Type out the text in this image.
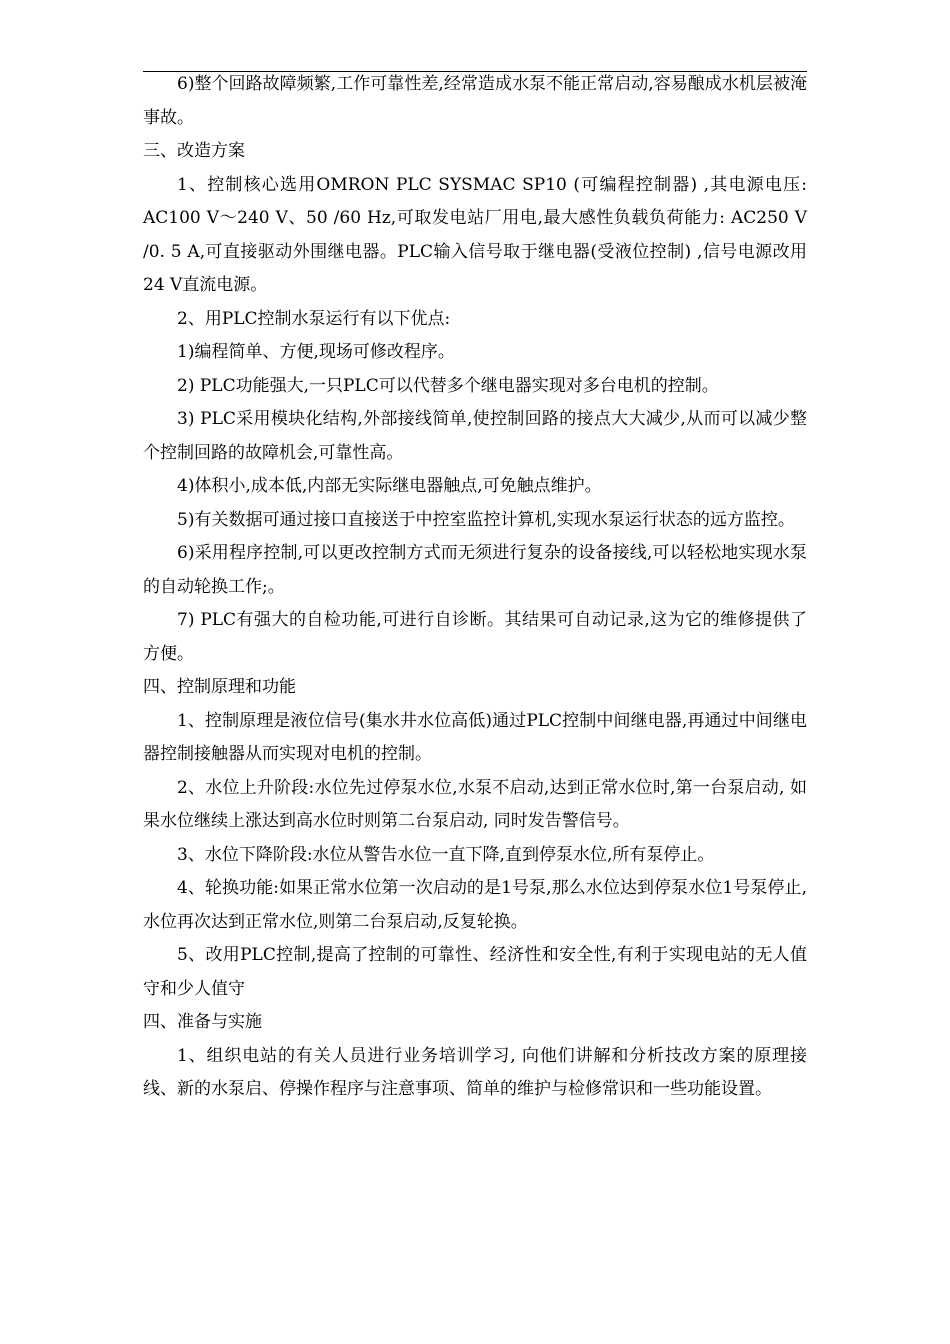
6)整个回路故障频繁,工作可靠性差,经常造成水泵不能正常启动,容易酿成水机层被淹事故。

三、改造方案

1、控制核心选用OMRON PLC SYSMAC SP10 (可编程控制器) ,其电源电压: AC100 V～240 V、50 /60 Hz,可取发电站厂用电,最大感性负载负荷能力: AC250 V /0. 5 A,可直接驱动外围继电器。PLC输入信号取于继电器(受液位控制) ,信号电源改用24 V直流电源。

2、用PLC控制水泵运行有以下优点:

1)编程简单、方便,现场可修改程序。

2) PLC功能强大,一只PLC可以代替多个继电器实现对多台电机的控制。

3) PLC采用模块化结构,外部接线简单,使控制回路的接点大大减少,从而可以减少整个控制回路的故障机会,可靠性高。

4)体积小,成本低,内部无实际继电器触点,可免触点维护。

5)有关数据可通过接口直接送于中控室监控计算机,实现水泵运行状态的远方监控。

6)采用程序控制,可以更改控制方式而无须进行复杂的设备接线,可以轻松地实现水泵的自动轮换工作;。

7) PLC有强大的自检功能,可进行自诊断。其结果可自动记录,这为它的维修提供了方便。

四、控制原理和功能

1、控制原理是液位信号(集水井水位高低)通过PLC控制中间继电器,再通过中间继电器控制接触器从而实现对电机的控制。

2、水位上升阶段:水位先过停泵水位,水泵不启动,达到正常水位时,第一台泵启动, 如果水位继续上涨达到高水位时则第二台泵启动, 同时发告警信号。

3、水位下降阶段:水位从警告水位一直下降,直到停泵水位,所有泵停止。

4、轮换功能:如果正常水位第一次启动的是1号泵,那么水位达到停泵水位1号泵停止,水位再次达到正常水位,则第二台泵启动,反复轮换。

5、改用PLC控制,提高了控制的可靠性、经济性和安全性,有利于实现电站的无人值守和少人值守

四、准备与实施

1、组织电站的有关人员进行业务培训学习, 向他们讲解和分析技改方案的原理接线、新的水泵启、停操作程序与注意事项、简单的维护与检修常识和一些功能设置。
